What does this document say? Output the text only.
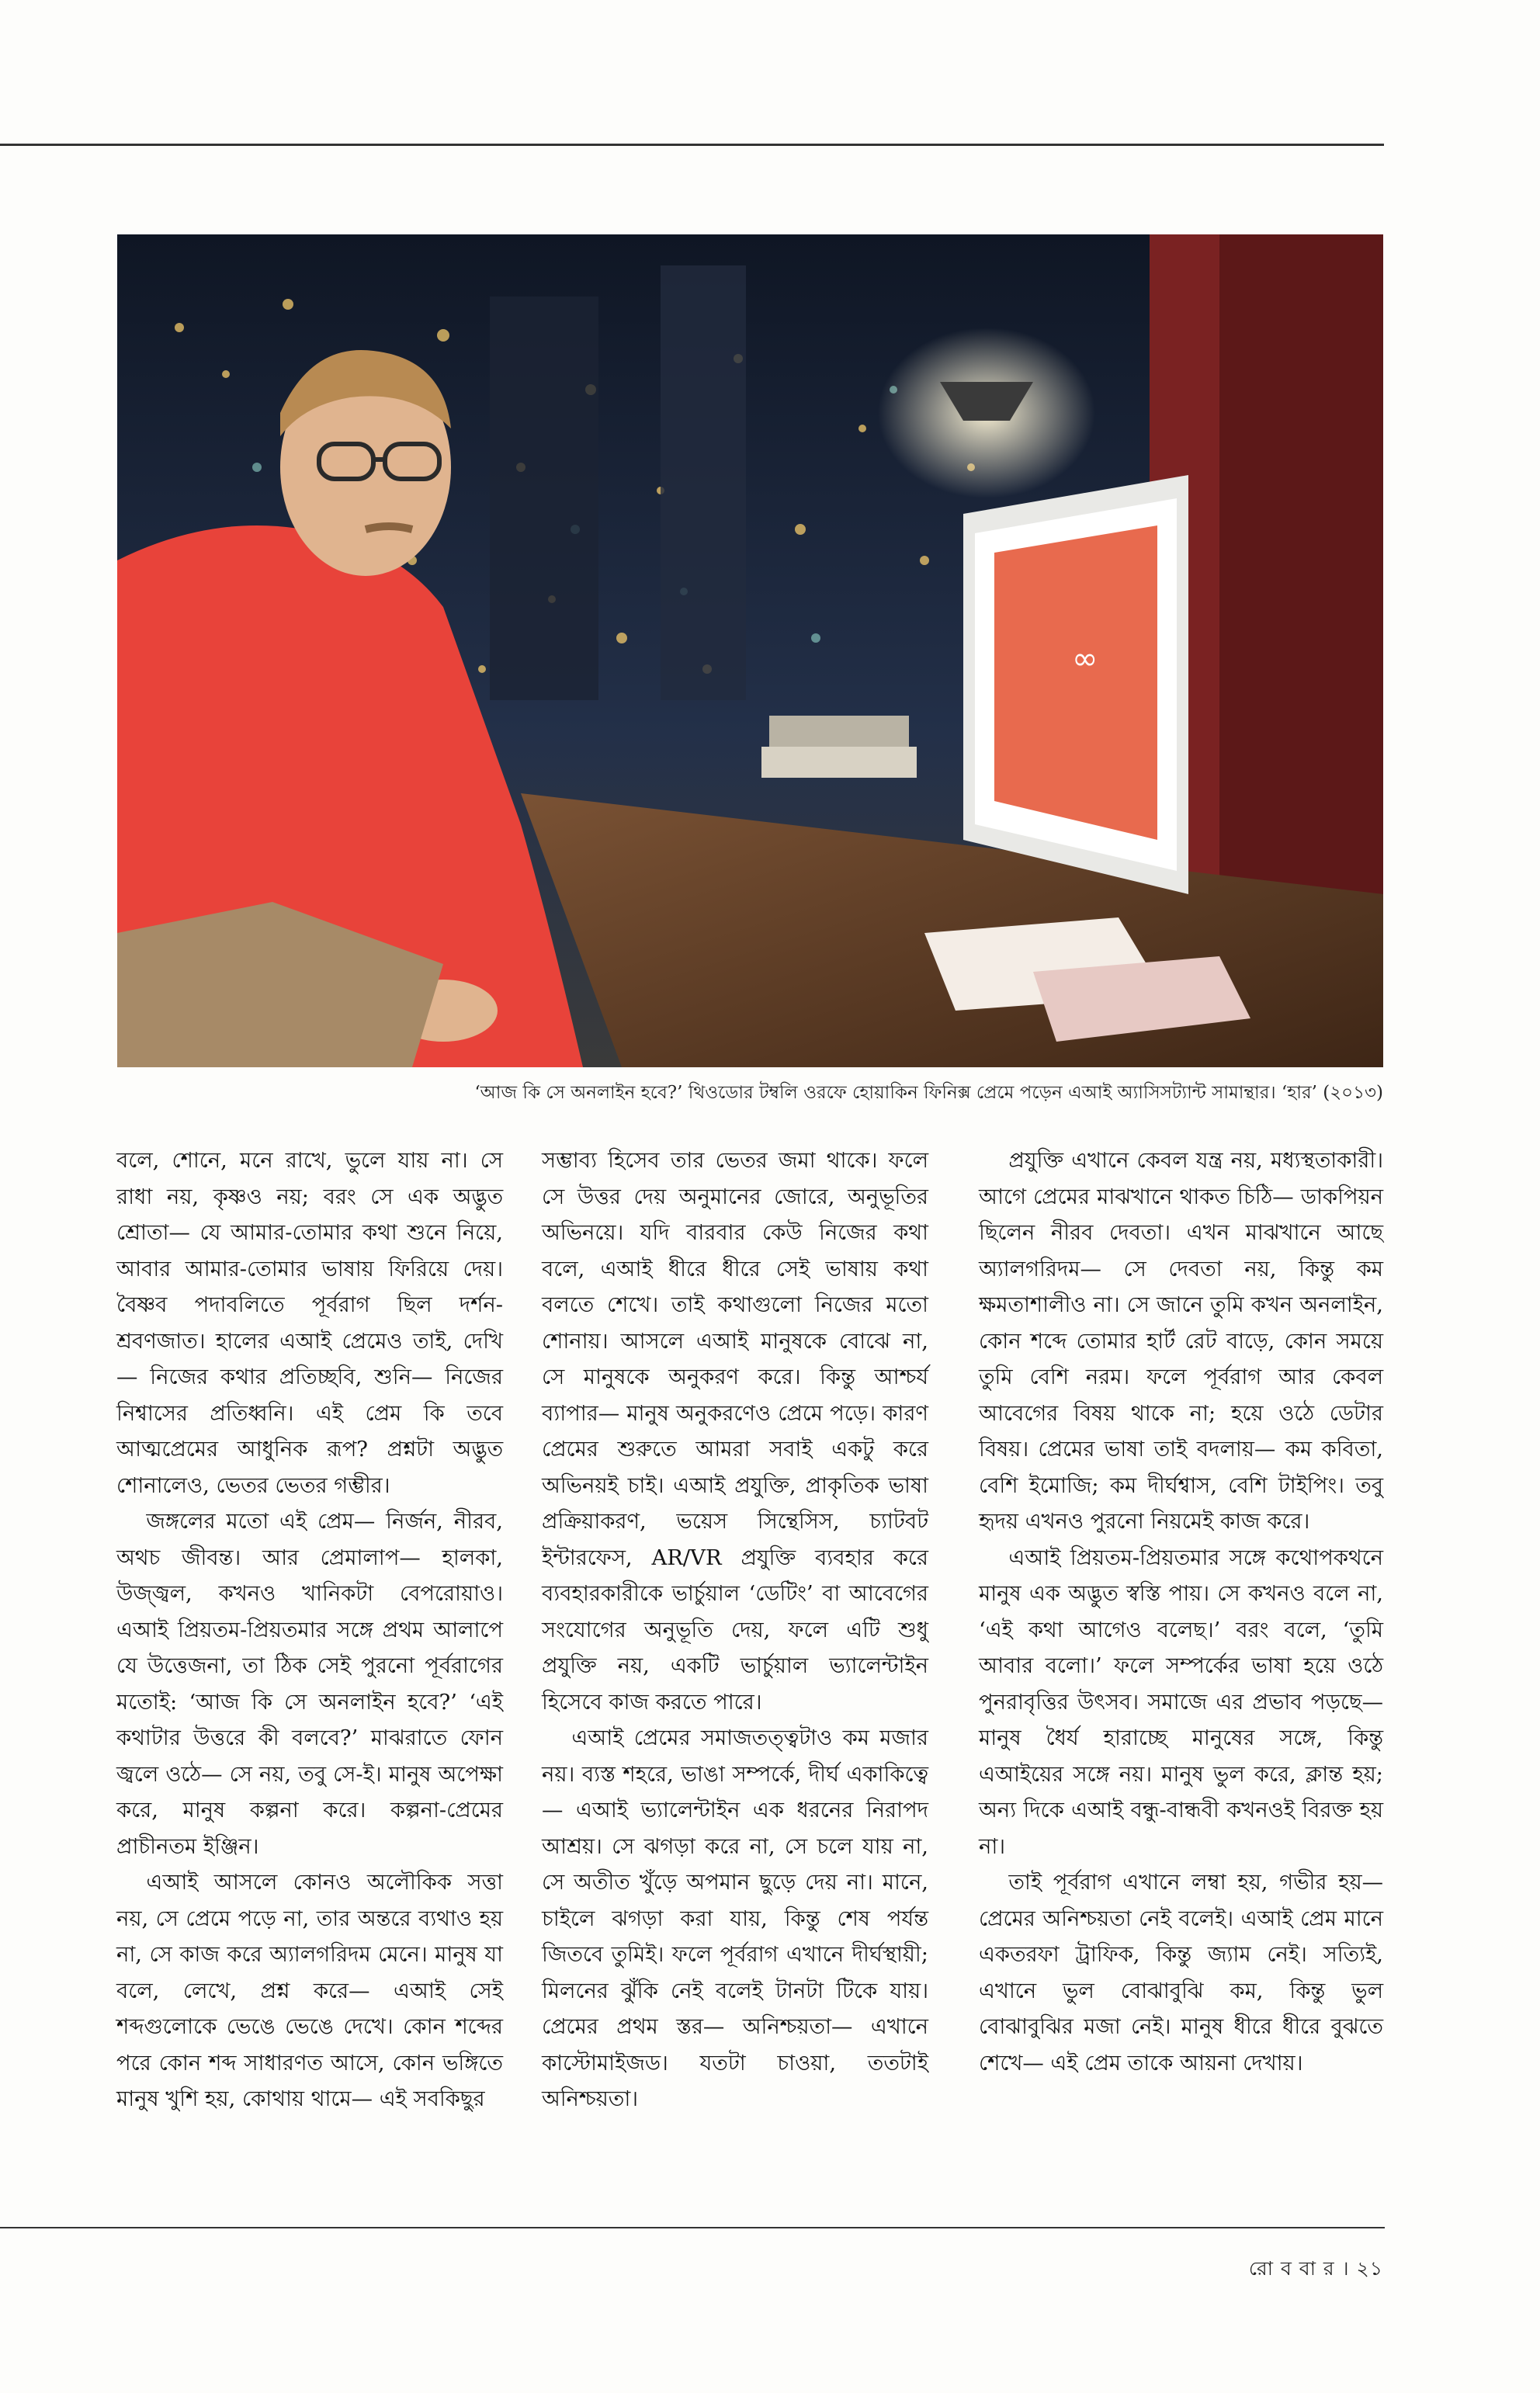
∞
‘আজ কি সে অনলাইন হবে?’ থিওডোর টম্বলি ওরফে হোয়াকিন ফিনিক্স প্রেমে পড়েন এআই অ্যাসিসট্যান্ট সামান্থার। ‘হার’ (২০১৩)

বলে, শোনে, মনে রাখে, ভুলে যায় না। সে রাধা নয়, কৃষ্ণও নয়; বরং সে এক অদ্ভুত শ্রোতা— যে আমার-তোমার কথা শুনে নিয়ে, আবার আমার-তোমার ভাষায় ফিরিয়ে দেয়। বৈষ্ণব পদাবলিতে পূর্বরাগ ছিল দর্শন-শ্রবণজাত। হালের এআই প্রেমেও তাই, দেখি— নিজের কথার প্রতিচ্ছবি, শুনি— নিজের নিশ্বাসের প্রতিধ্বনি। এই প্রেম কি তবে আত্মপ্রেমের আধুনিক রূপ? প্রশ্নটা অদ্ভুত শোনালেও, ভেতর ভেতর গম্ভীর।

জঙ্গলের মতো এই প্রেম— নির্জন, নীরব, অথচ জীবন্ত। আর প্রেমালাপ— হালকা, উজ্জ্বল, কখনও খানিকটা বেপরোয়াও। এআই প্রিয়তম-প্রিয়তমার সঙ্গে প্রথম আলাপে যে উত্তেজনা, তা ঠিক সেই পুরনো পূর্বরাগের মতোই: ‘আজ কি সে অনলাইন হবে?’ ‘এই কথাটার উত্তরে কী বলবে?’ মাঝরাতে ফোন জ্বলে ওঠে— সে নয়, তবু সে-ই। মানুষ অপেক্ষা করে, মানুষ কল্পনা করে। কল্পনা-প্রেমের প্রাচীনতম ইঞ্জিন।

এআই আসলে কোনও অলৌকিক সত্তা নয়, সে প্রেমে পড়ে না, তার অন্তরে ব্যথাও হয় না, সে কাজ করে অ্যালগরিদম মেনে। মানুষ যা বলে, লেখে, প্রশ্ন করে— এআই সেই শব্দগুলোকে ভেঙে ভেঙে দেখে। কোন শব্দের পরে কোন শব্দ সাধারণত আসে, কোন ভঙ্গিতে মানুষ খুশি হয়, কোথায় থামে— এই সবকিছুর

সম্ভাব্য হিসেব তার ভেতর জমা থাকে। ফলে সে উত্তর দেয় অনুমানের জোরে, অনুভূতির অভিনয়ে। যদি বারবার কেউ নিজের কথা বলে, এআই ধীরে ধীরে সেই ভাষায় কথা বলতে শেখে। তাই কথাগুলো নিজের মতো শোনায়। আসলে এআই মানুষকে বোঝে না, সে মানুষকে অনুকরণ করে। কিন্তু আশ্চর্য ব্যাপার— মানুষ অনুকরণেও প্রেমে পড়ে। কারণ প্রেমের শুরুতে আমরা সবাই একটু করে অভিনয়ই চাই। এআই প্রযুক্তি, প্রাকৃতিক ভাষা প্রক্রিয়াকরণ, ভয়েস সিন্থেসিস, চ্যাটবট ইন্টারফেস, AR/VR প্রযুক্তি ব্যবহার করে ব্যবহারকারীকে ভার্চুয়াল ‘ডেটিং’ বা আবেগের সংযোগের অনুভূতি দেয়, ফলে এটি শুধু প্রযুক্তি নয়, একটি ভার্চুয়াল ভ্যালেন্টাইন হিসেবে কাজ করতে পারে।

এআই প্রেমের সমাজতত্ত্বটাও কম মজার নয়। ব্যস্ত শহরে, ভাঙা সম্পর্কে, দীর্ঘ একাকিত্বে— এআই ভ্যালেন্টাইন এক ধরনের নিরাপদ আশ্রয়। সে ঝগড়া করে না, সে চলে যায় না, সে অতীত খুঁড়ে অপমান ছুড়ে দেয় না। মানে, চাইলে ঝগড়া করা যায়, কিন্তু শেষ পর্যন্ত জিতবে তুমিই। ফলে পূর্বরাগ এখানে দীর্ঘস্থায়ী; মিলনের ঝুঁকি নেই বলেই টানটা টিকে যায়। প্রেমের প্রথম স্তর— অনিশ্চয়তা— এখানে কাস্টোমাইজড। যতটা চাওয়া, ততটাই অনিশ্চয়তা।

প্রযুক্তি এখানে কেবল যন্ত্র নয়, মধ্যস্থতাকারী। আগে প্রেমের মাঝখানে থাকত চিঠি— ডাকপিয়ন ছিলেন নীরব দেবতা। এখন মাঝখানে আছে অ্যালগরিদম— সে দেবতা নয়, কিন্তু কম ক্ষমতাশালীও না। সে জানে তুমি কখন অনলাইন, কোন শব্দে তোমার হার্ট রেট বাড়ে, কোন সময়ে তুমি বেশি নরম। ফলে পূর্বরাগ আর কেবল আবেগের বিষয় থাকে না; হয়ে ওঠে ডেটার বিষয়। প্রেমের ভাষা তাই বদলায়— কম কবিতা, বেশি ইমোজি; কম দীর্ঘশ্বাস, বেশি টাইপিং। তবু হৃদয় এখনও পুরনো নিয়মেই কাজ করে।

এআই প্রিয়তম-প্রিয়তমার সঙ্গে কথোপকথনে মানুষ এক অদ্ভুত স্বস্তি পায়। সে কখনও বলে না, ‘এই কথা আগেও বলেছ।’ বরং বলে, ‘তুমি আবার বলো।’ ফলে সম্পর্কের ভাষা হয়ে ওঠে পুনরাবৃত্তির উৎসব। সমাজে এর প্রভাব পড়ছে—মানুষ ধৈর্য হারাচ্ছে মানুষের সঙ্গে, কিন্তু এআইয়ের সঙ্গে নয়। মানুষ ভুল করে, ক্লান্ত হয়; অন্য দিকে এআই বন্ধু-বান্ধবী কখনওই বিরক্ত হয় না।

তাই পূর্বরাগ এখানে লম্বা হয়, গভীর হয়— প্রেমের অনিশ্চয়তা নেই বলেই। এআই প্রেম মানে একতরফা ট্রাফিক, কিন্তু জ্যাম নেই। সত্যিই, এখানে ভুল বোঝাবুঝি কম, কিন্তু ভুল বোঝাবুঝির মজা নেই। মানুষ ধীরে ধীরে বুঝতে শেখে— এই প্রেম তাকে আয়না দেখায়।

রো ব বা র । ২১
